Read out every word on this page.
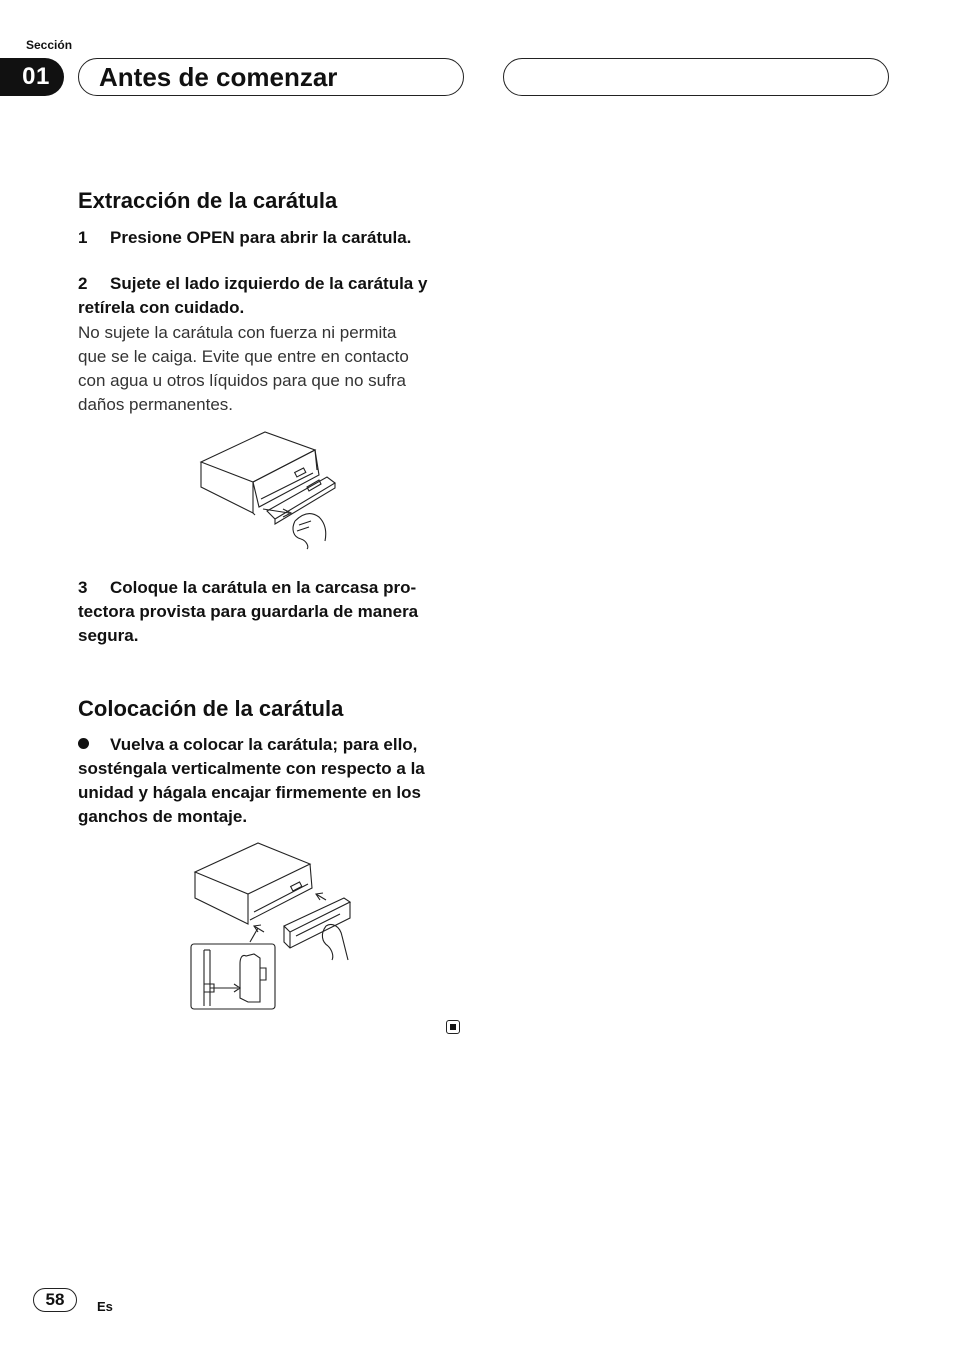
Sección
01	Antes de comenzar
Extracción de la carátula
1 Presione OPEN para abrir la carátula.
2 Sujete el lado izquierdo de la carátula y
retírela con cuidado.
No sujete la carátula con fuerza ni permita
que se le caiga. Evite que entre en contacto
con agua u otros líquidos para que no sufra
daños permanentes.
3 Coloque la carátula en la carcasa pro-
tectora provista para guardarla de manera
segura.
Colocación de la carátula
Vuelva a colocar la carátula; para ello,
sosténgala verticalmente con respecto a la
unidad y hágala encajar firmemente en los
ganchos de montaje.
58	Es
